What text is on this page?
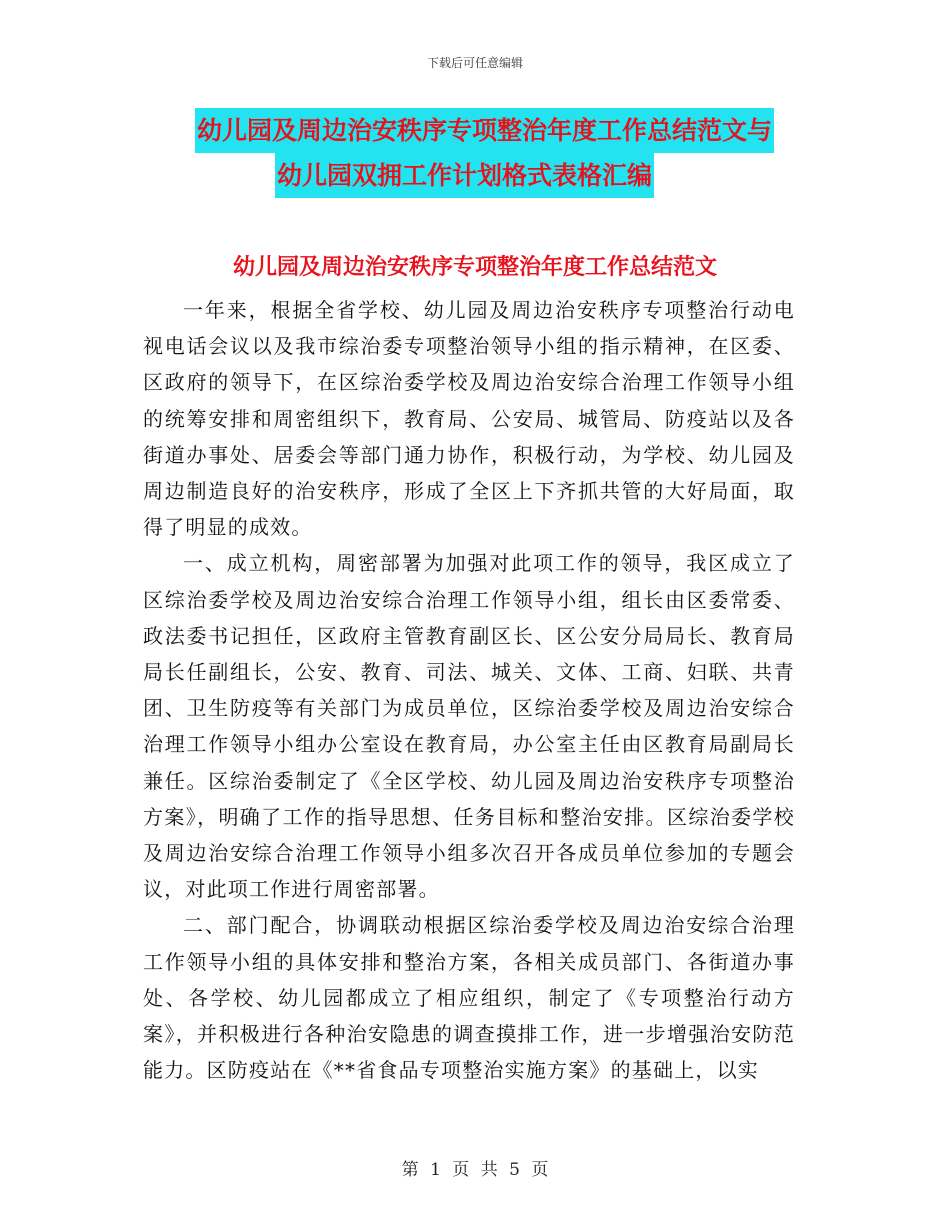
下载后可任意编辑
幼儿园及周边治安秩序专项整治年度工作总结范文与
幼儿园双拥工作计划格式表格汇编
幼儿园及周边治安秩序专项整治年度工作总结范文

一年来，根据全省学校、幼儿园及周边治安秩序专项整治行动电视电话会议以及我市综治委专项整治领导小组的指示精神，在区委、区政府的领导下，在区综治委学校及周边治安综合治理工作领导小组的统筹安排和周密组织下，教育局、公安局、城管局、防疫站以及各街道办事处、居委会等部门通力协作，积极行动，为学校、幼儿园及周边制造良好的治安秩序，形成了全区上下齐抓共管的大好局面，取得了明显的成效。

一、成立机构，周密部署为加强对此项工作的领导，我区成立了区综治委学校及周边治安综合治理工作领导小组，组长由区委常委、政法委书记担任，区政府主管教育副区长、区公安分局局长、教育局局长任副组长，公安、教育、司法、城关、文体、工商、妇联、共青团、卫生防疫等有关部门为成员单位，区综治委学校及周边治安综合治理工作领导小组办公室设在教育局，办公室主任由区教育局副局长兼任。区综治委制定了《全区学校、幼儿园及周边治安秩序专项整治方案》，明确了工作的指导思想、任务目标和整治安排。区综治委学校及周边治安综合治理工作领导小组多次召开各成员单位参加的专题会议，对此项工作进行周密部署。

二、部门配合，协调联动根据区综治委学校及周边治安综合治理工作领导小组的具体安排和整治方案，各相关成员部门、各街道办事处、各学校、幼儿园都成立了相应组织，制定了《专项整治行动方案》，并积极进行各种治安隐患的调查摸排工作，进一步增强治安防范能力。区防疫站在《**省食品专项整治实施方案》的基础上，以实

第 1 页 共 5 页
